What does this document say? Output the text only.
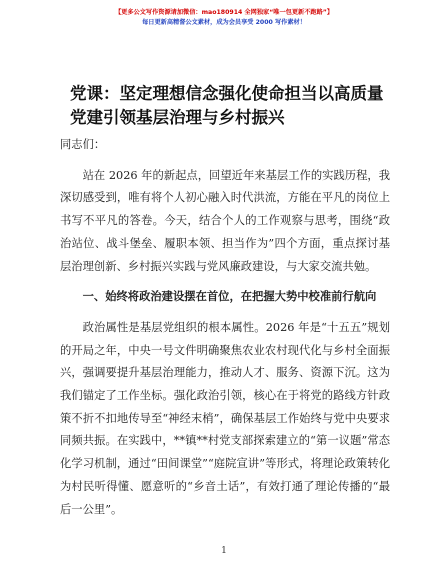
【更多公文写作资源请加微信：mao180914 全网独家“唯一包更新不跑路”】
每日更新高精督公文素材，成为会员享受 2000 写作素材！
党课：坚定理想信念强化使命担当以高质量党建引领基层治理与乡村振兴

同志们：

站在 2026 年的新起点，回望近年来基层工作的实践历程，我深切感受到，唯有将个人初心融入时代洪流，方能在平凡的岗位上书写不平凡的答卷。今天，结合个人的工作观察与思考，围绕“政治站位、战斗堡垒、履职本领、担当作为”四个方面，重点探讨基层治理创新、乡村振兴实践与党风廉政建设，与大家交流共勉。

一、始终将政治建设摆在首位，在把握大势中校准前行航向

政治属性是基层党组织的根本属性。2026 年是“十五五”规划的开局之年，中央一号文件明确聚焦农业农村现代化与乡村全面振兴，强调要提升基层治理能力，推动人才、服务、资源下沉。这为我们锚定了工作坐标。强化政治引领，核心在于将党的路线方针政策不折不扣地传导至“神经末梢”，确保基层工作始终与党中央要求同频共振。在实践中，**镇**村党支部探索建立的“第一议题”常态化学习机制，通过“田间课堂”“庭院宣讲”等形式，将理论政策转化为村民听得懂、愿意听的“乡音土话”，有效打通了理论传播的“最后一公里”。

1
